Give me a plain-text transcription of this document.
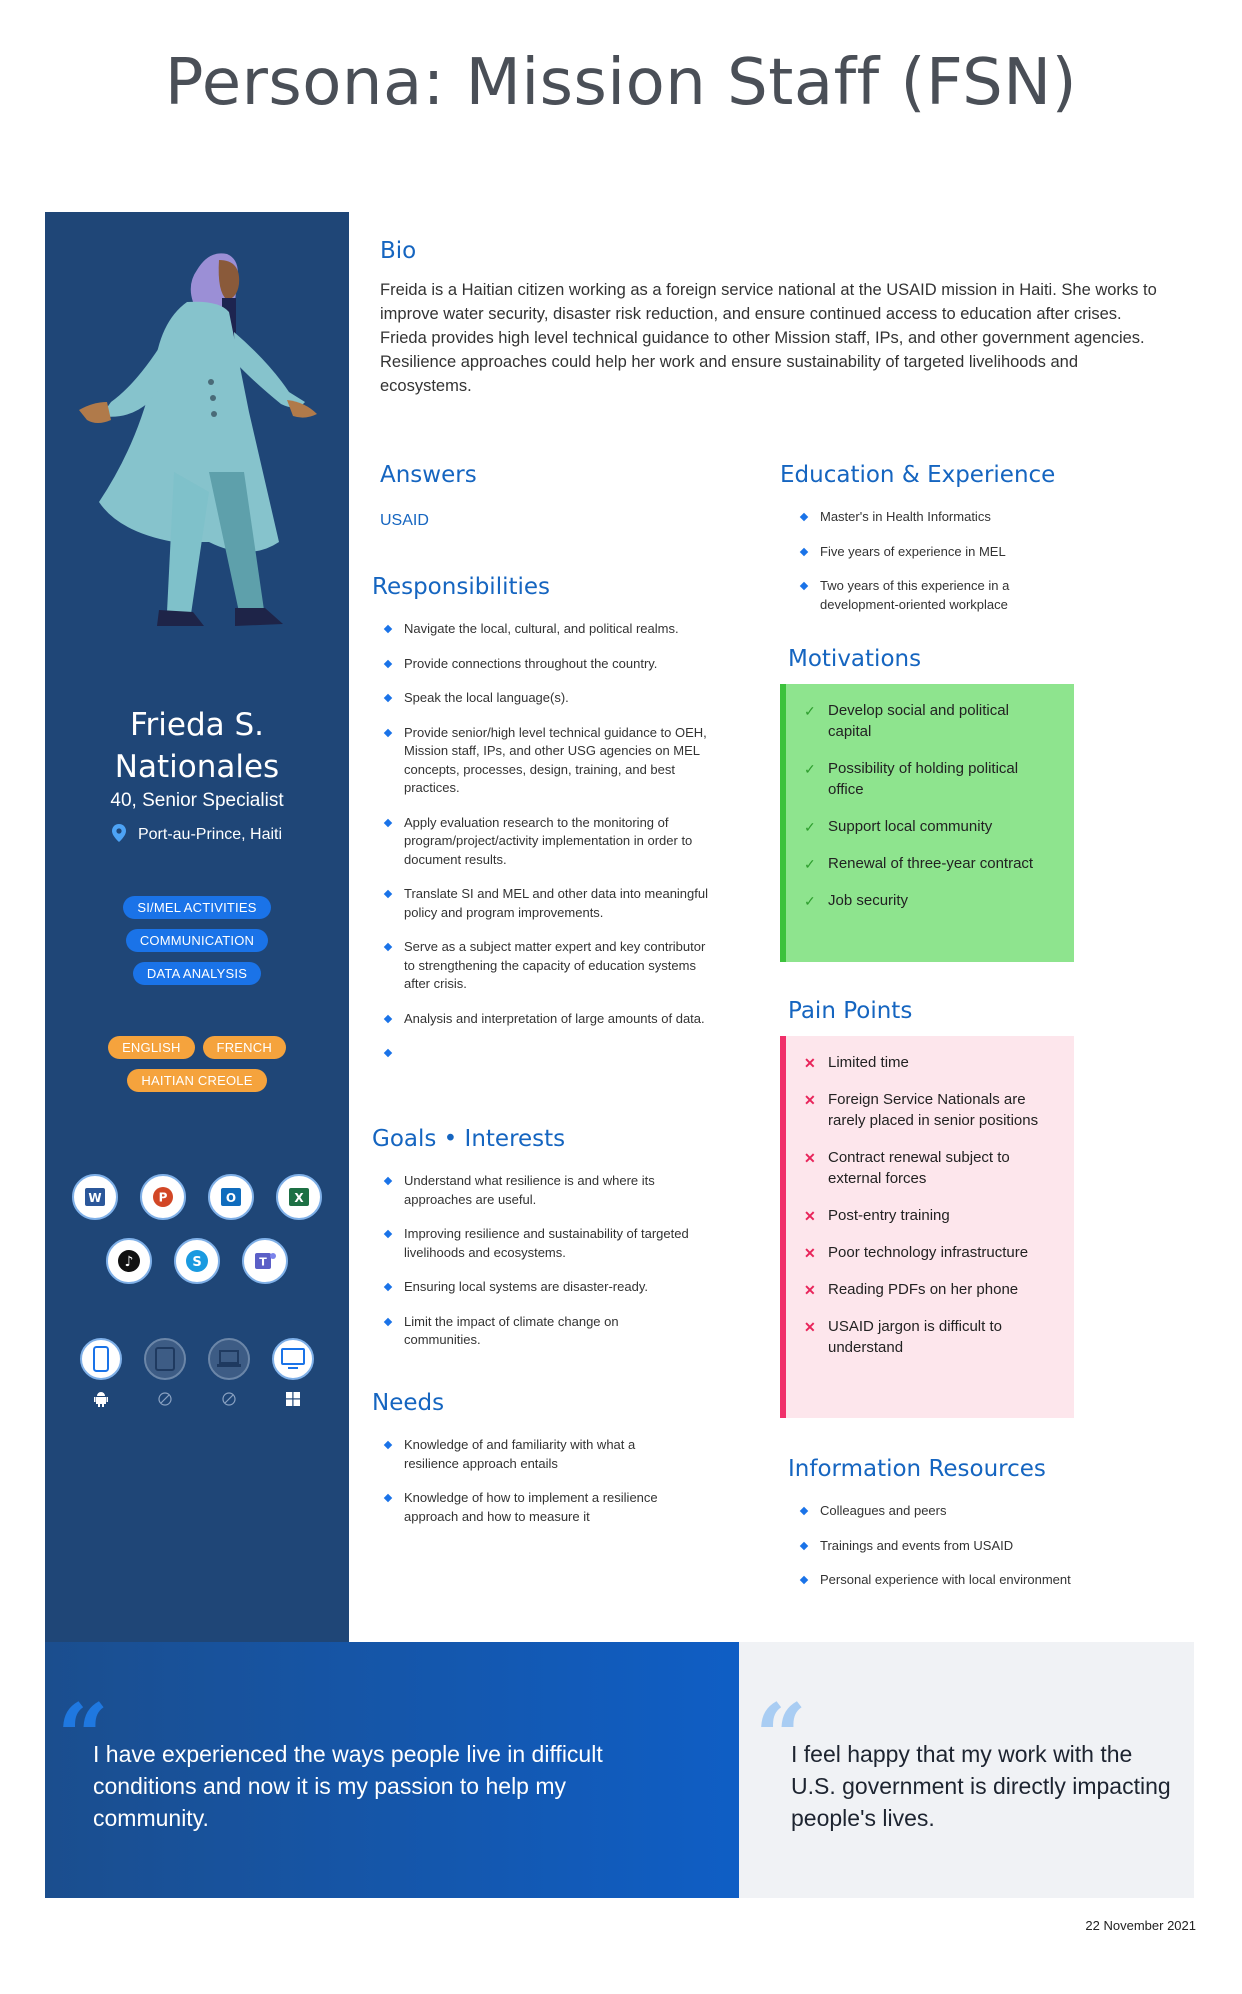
Persona: Mission Staff (FSN)
Frieda S.
Nationales
40, Senior Specialist
Port-au-Prince, Haiti
SI/MEL ACTIVITIES
COMMUNICATION
DATA ANALYSIS
ENGLISH	FRENCH
HAITIAN CREOLE
W	P	O	X
♪	S	T
Bio
Freida is a Haitian citizen working as a foreign service national at the USAID mission in Haiti. She works to improve water security, disaster risk reduction, and ensure continued access to education after crises. Frieda provides high level technical guidance to other Mission staff, IPs, and other government agencies. Resilience approaches could help her work and ensure sustainability of targeted livelihoods and ecosystems.
Answers
USAID
Responsibilities
Navigate the local, cultural, and political realms.
Provide connections throughout the country.
Speak the local language(s).
Provide senior/high level technical guidance to OEH, Mission staff, IPs, and other USG agencies on MEL concepts, processes, design, training, and best practices.
Apply evaluation research to the monitoring of program/project/activity implementation in order to document results.
Translate SI and MEL and other data into meaningful policy and program improvements.
Serve as a subject matter expert and key contributor to strengthening the capacity of education systems after crisis.
Analysis and interpretation of large amounts of data.
Goals • Interests
Understand what resilience is and where its approaches are useful.
Improving resilience and sustainability of targeted livelihoods and ecosystems.
Ensuring local systems are disaster-ready.
Limit the impact of climate change on communities.
Needs
Knowledge of and familiarity with what a resilience approach entails
Knowledge of how to implement a resilience approach and how to measure it
Education & Experience
Master's in Health Informatics
Five years of experience in MEL
Two years of this experience in a development-oriented workplace
Motivations
✓ Develop social and political capital
✓ Possibility of holding political office
✓ Support local community
✓ Renewal of three-year contract
✓ Job security
Pain Points
✕ Limited time
✕ Foreign Service Nationals are rarely placed in senior positions
✕ Contract renewal subject to external forces
✕ Post-entry training
✕ Poor technology infrastructure
✕ Reading PDFs on her phone
✕ USAID jargon is difficult to understand
Information Resources
Colleagues and peers
Trainings and events from USAID
Personal experience with local environment
“
I have experienced the ways people live in difficult conditions and now it is my passion to help my community.
“
I feel happy that my work with the U.S. government is directly impacting people's lives.
22 November 2021
